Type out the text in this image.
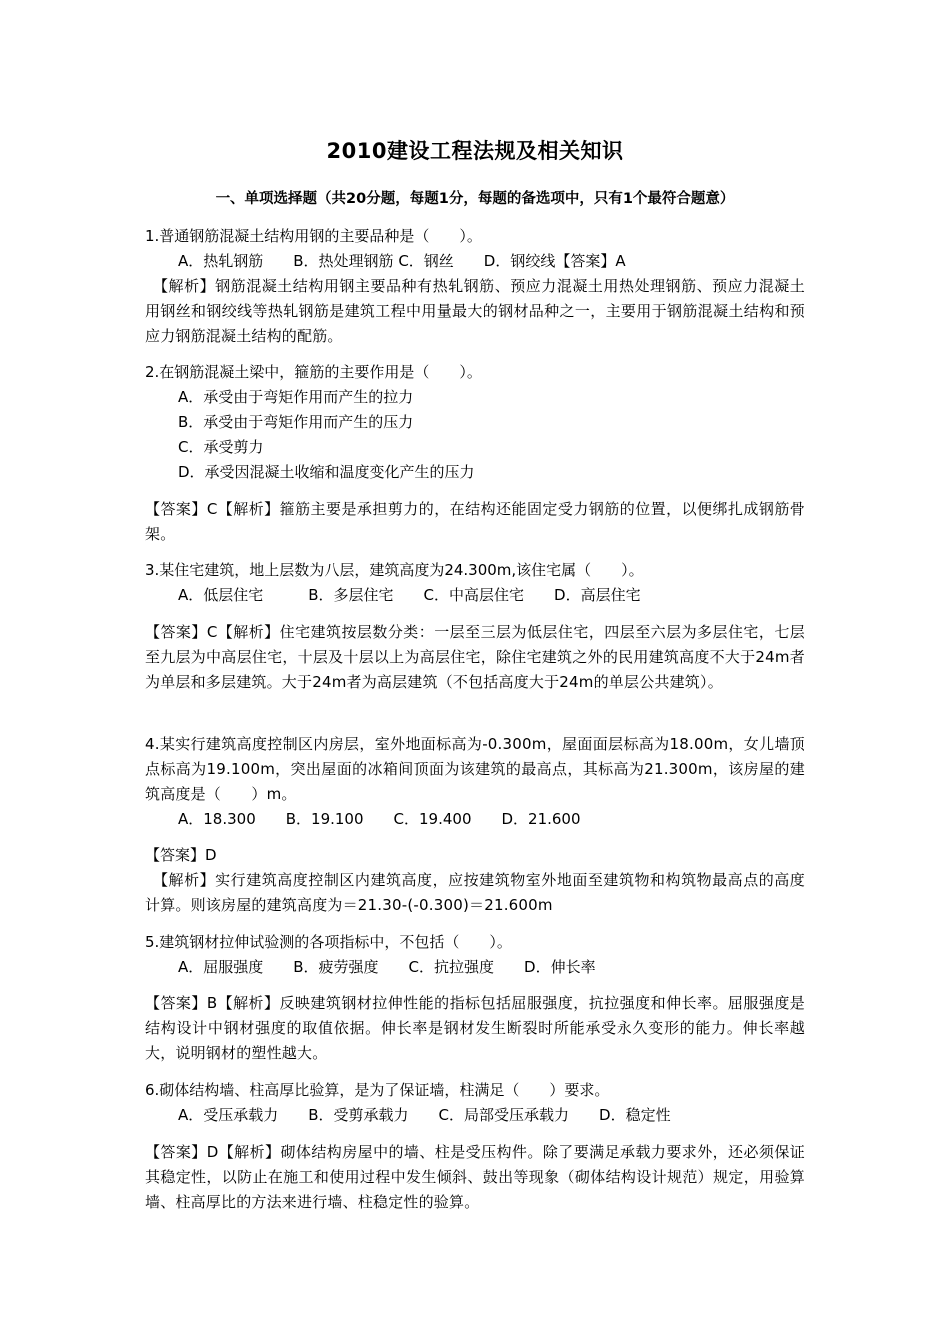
2010建设工程法规及相关知识
一、单项选择题（共20分题，每题1分，每题的备选项中，只有1个最符合题意）
1.普通钢筋混凝土结构用钢的主要品种是（　　）。
A．热轧钢筋　　B．热处理钢筋 C．钢丝　　D．钢绞线【答案】A
　【解析】钢筋混凝土结构用钢主要品种有热轧钢筋、预应力混凝土用热处理钢筋、预应力混凝土用钢丝和钢绞线等热轧钢筋是建筑工程中用量最大的钢材品种之一，主要用于钢筋混凝土结构和预应力钢筋混凝土结构的配筋。
2.在钢筋混凝土梁中，箍筋的主要作用是（　　）。
A．承受由于弯矩作用而产生的拉力
B．承受由于弯矩作用而产生的压力
C．承受剪力
D．承受因混凝土收缩和温度变化产生的压力
【答案】C【解析】箍筋主要是承担剪力的，在结构还能固定受力钢筋的位置，以便绑扎成钢筋骨架。
3.某住宅建筑，地上层数为八层，建筑高度为24.300m,该住宅属（　　）。
A．低层住宅　　　B．多层住宅　　C．中高层住宅　　D．高层住宅
【答案】C【解析】住宅建筑按层数分类：一层至三层为低层住宅，四层至六层为多层住宅，七层至九层为中高层住宅，十层及十层以上为高层住宅，除住宅建筑之外的民用建筑高度不大于24m者为单层和多层建筑。大于24m者为高层建筑（不包括高度大于24m的单层公共建筑）。
4.某实行建筑高度控制区内房层，室外地面标高为-0.300m，屋面面层标高为18.00m，女儿墙顶点标高为19.100m，突出屋面的冰箱间顶面为该建筑的最高点，其标高为21.300m，该房屋的建筑高度是（　　）m。
A．18.300　　B．19.100　　C．19.400　　D．21.600
【答案】D
　【解析】实行建筑高度控制区内建筑高度，应按建筑物室外地面至建筑物和构筑物最高点的高度计算。则该房屋的建筑高度为＝21.30-(-0.300)＝21.600m
5.建筑钢材拉伸试验测的各项指标中，不包括（　　）。
A．屈服强度　　B．疲劳强度　　C．抗拉强度　　D．伸长率
【答案】B【解析】反映建筑钢材拉伸性能的指标包括屈服强度，抗拉强度和伸长率。屈服强度是结构设计中钢材强度的取值依据。伸长率是钢材发生断裂时所能承受永久变形的能力。伸长率越大，说明钢材的塑性越大。
6.砌体结构墙、柱高厚比验算，是为了保证墙，柱满足（　　）要求。
A．受压承载力　　B．受剪承载力　　C．局部受压承载力　　D．稳定性
【答案】D【解析】砌体结构房屋中的墙、柱是受压构件。除了要满足承载力要求外，还必须保证其稳定性，以防止在施工和使用过程中发生倾斜、鼓出等现象（砌体结构设计规范）规定，用验算墙、柱高厚比的方法来进行墙、柱稳定性的验算。
